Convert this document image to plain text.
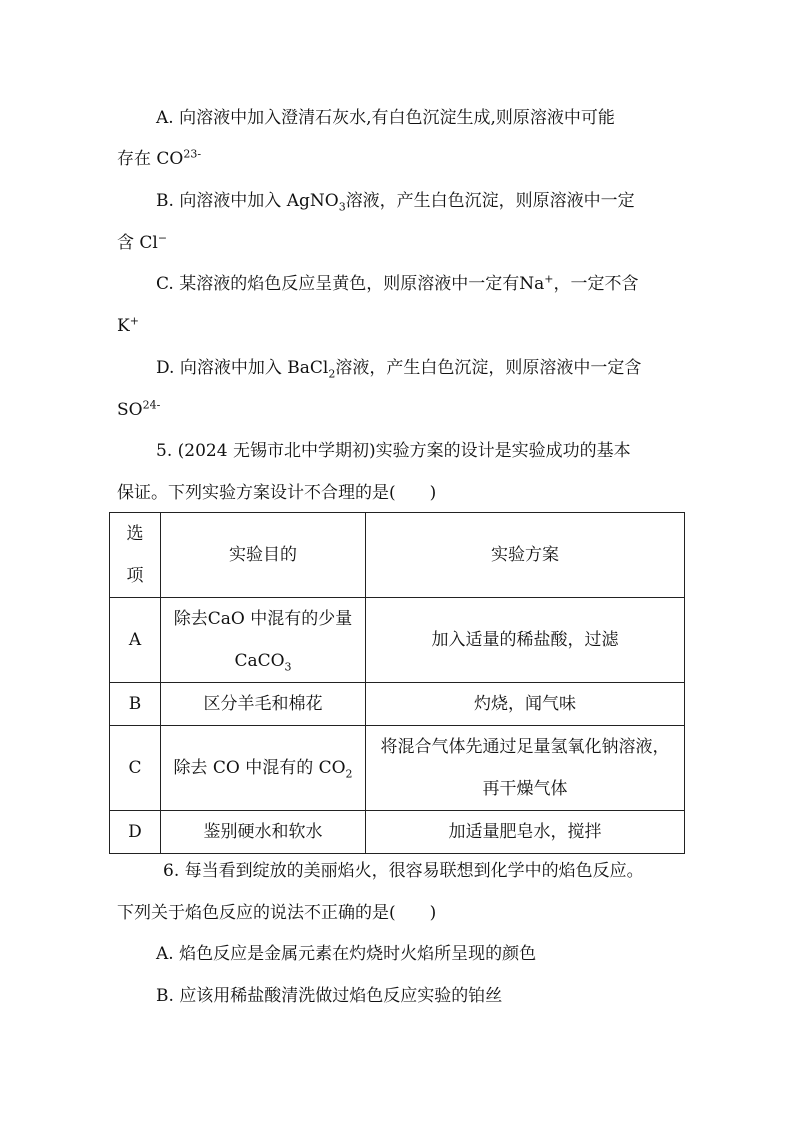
A. 向溶液中加入澄清石灰水,有白色沉淀生成,则原溶液中可能
存在 $CO^{23-}$
B. 向溶液中加入 AgNO$_3$溶液，产生白色沉淀，则原溶液中一定
含 Cl−
C. 某溶液的焰色反应呈黄色，则原溶液中一定有Na+，一定不含
K+
D. 向溶液中加入 BaCl$_2$溶液，产生白色沉淀，则原溶液中一定含
$SO^{24-}$
5. (2024 无锡市北中学期初)实验方案的设计是实验成功的基本
保证。下列实验方案设计不合理的是(　　)
选
项	实验目的	实验方案
A	除去CaO 中混有的少量
CaCO$_3$	加入适量的稀盐酸，过滤
B	区分羊毛和棉花	灼烧，闻气味
C	除去 CO 中混有的 $CO_2$	将混合气体先通过足量氢氧化钠溶液，
再干燥气体

D	鉴别硬水和软水	加适量肥皂水，搅拌
6. 每当看到绽放的美丽焰火，很容易联想到化学中的焰色反应。
下列关于焰色反应的说法不正确的是(　　)
A. 焰色反应是金属元素在灼烧时火焰所呈现的颜色
B. 应该用稀盐酸清洗做过焰色反应实验的铂丝
